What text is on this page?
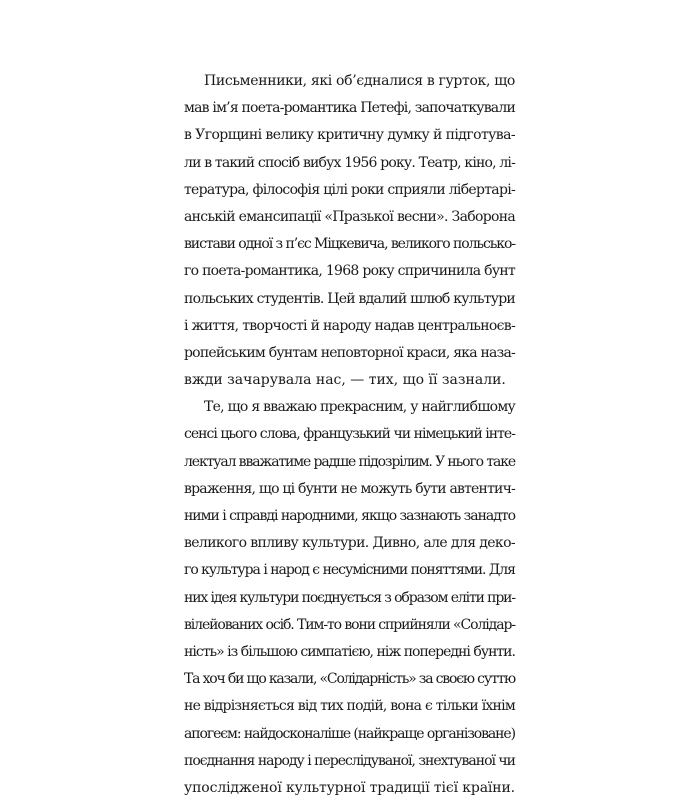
Письменники, які об’єдналися в гурток, що
мав ім’я поета-романтика Петефі, започаткували
в Угорщині велику критичну думку й підготува-
ли в такий спосіб вибух 1956 року. Театр, кіно, лі-
тература, філософія цілі роки сприяли лібертарі-
анській емансипації «Празької весни». Заборона
вистави одної з п’єс Міцкевича, великого польсько-
го поета-романтика, 1968 року спричинила бунт
польських студентів. Цей вдалий шлюб культури
і життя, творчості й народу надав центральноєв-
ропейським бунтам неповторної краси, яка наза-
вжди зачарувала нас, — тих, що її зазнали.
Те, що я вважаю прекрасним, у найглибшому
сенсі цього слова, французький чи німецький інте-
лектуал вважатиме радше підозрілим. У нього таке
враження, що ці бунти не можуть бути автентич-
ними і справді народними, якщо зазнають занадто
великого впливу культури. Дивно, але для деко-
го культура і народ є несумісними поняттями. Для
них ідея культури поєднується з образом еліти при-
вілейованих осіб. Тим-то вони сприйняли «Солідар-
ність» із більшою симпатією, ніж попередні бунти.
Та хоч би що казали, «Солідарність» за своєю суттю
не відрізняється від тих подій, вона є тільки їхнім
апогеєм: найдосконаліше (найкраще організоване)
поєднання народу і переслідуваної, знехтуваної чи
упослідженої культурної традиції тієї країни.
